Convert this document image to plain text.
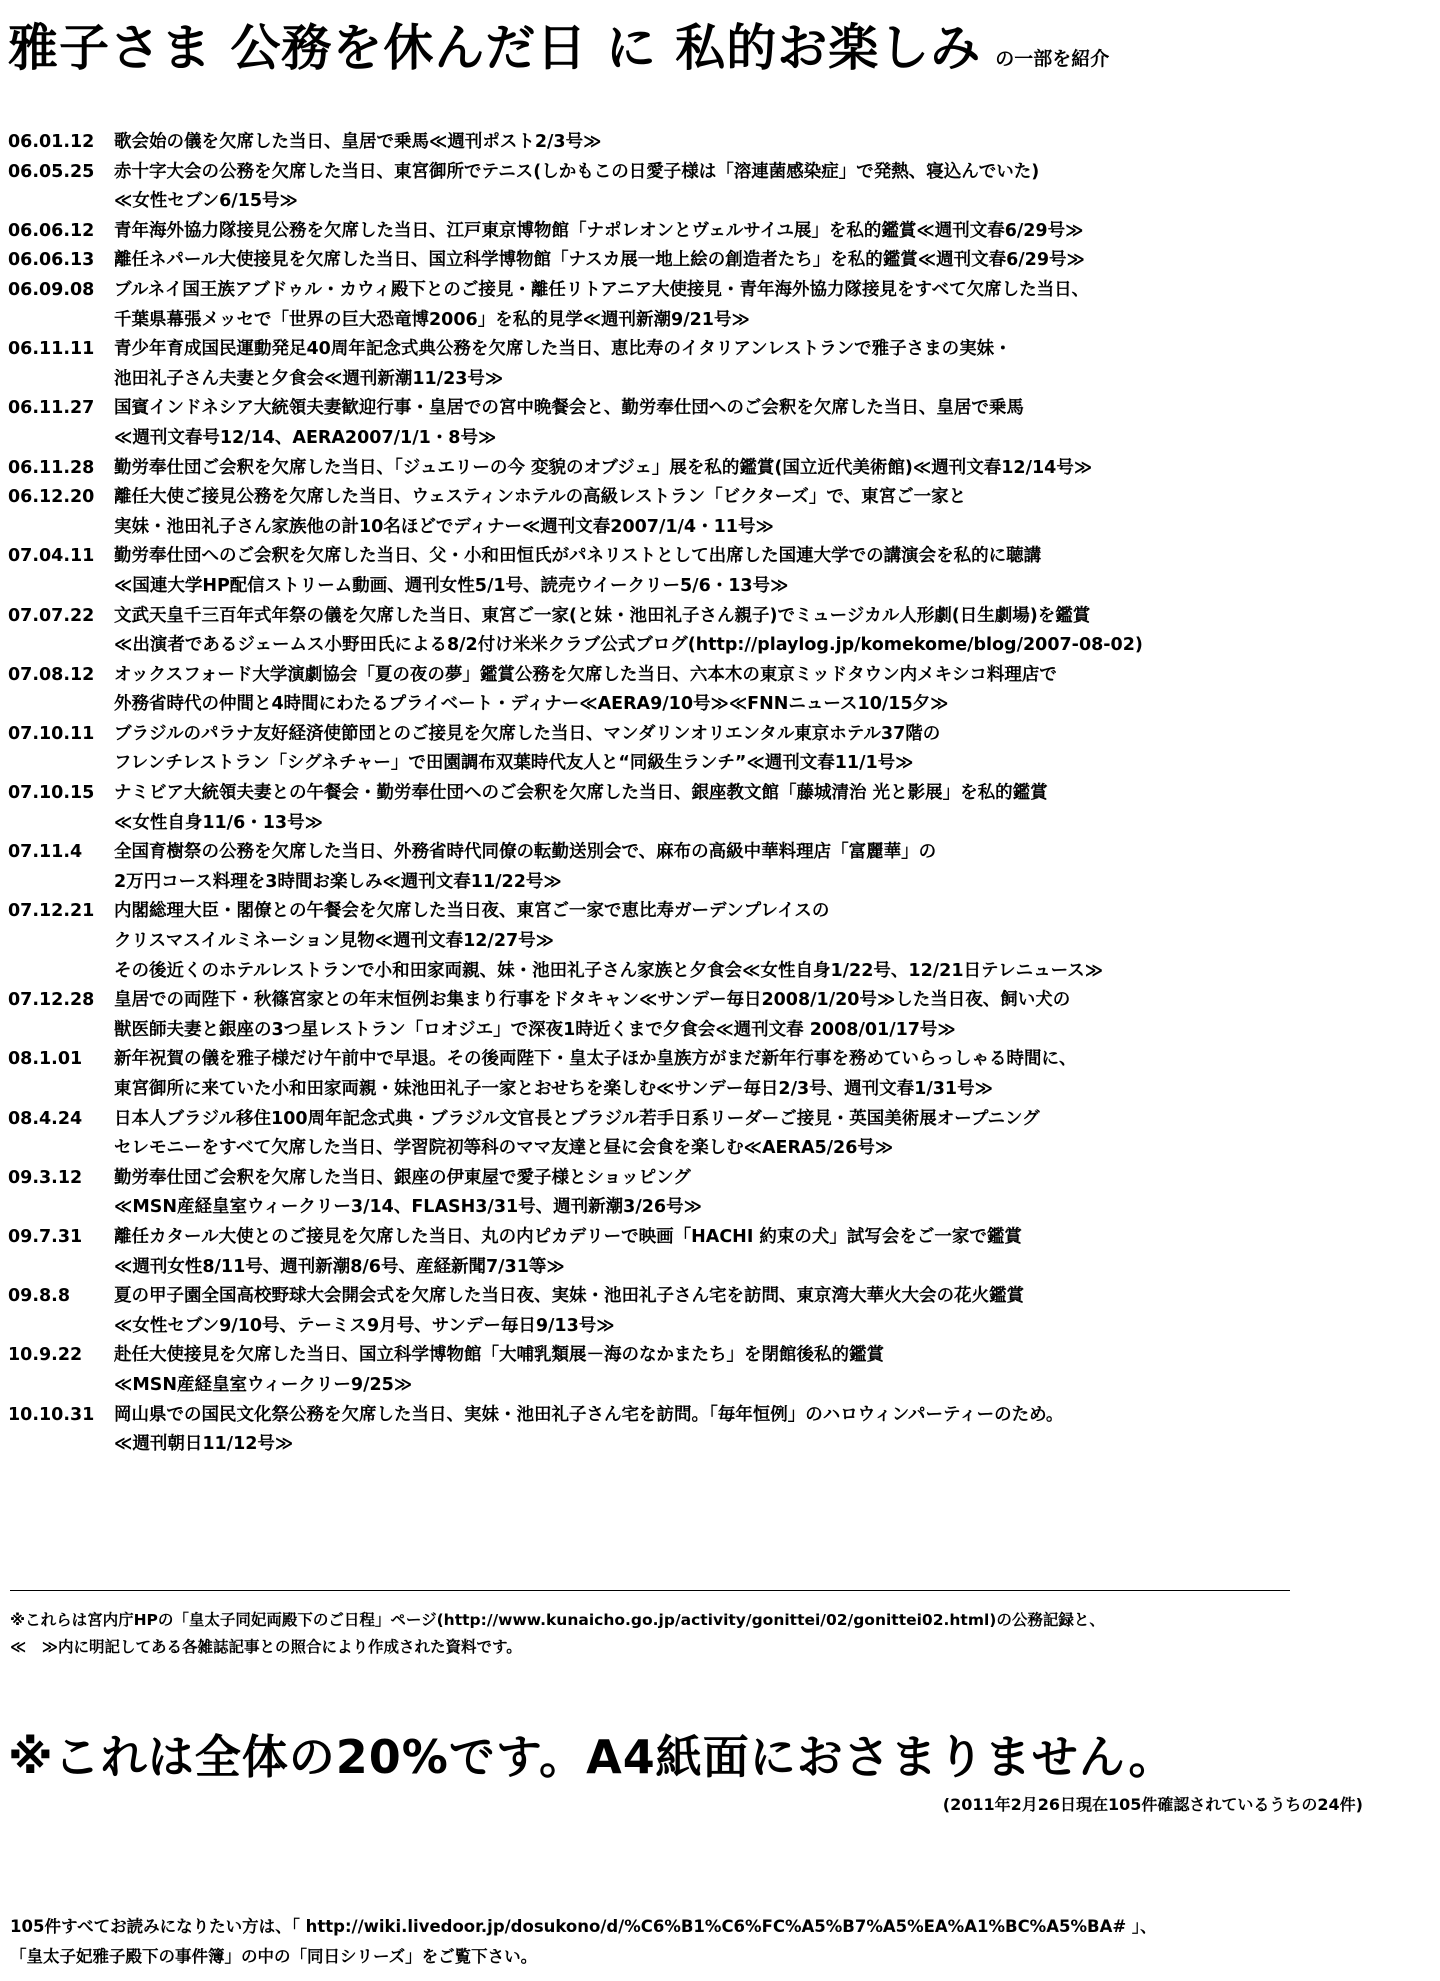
雅子さま 公務を休んだ日 に 私的お楽しみ の一部を紹介
06.01.12	歌会始の儀を欠席した当日、皇居で乗馬≪週刊ポスト2/3号≫
06.05.25	赤十字大会の公務を欠席した当日、東宮御所でテニス(しかもこの日愛子様は「溶連菌感染症」で発熱、寝込んでいた)
≪女性セブン6/15号≫
06.06.12	青年海外協力隊接見公務を欠席した当日、江戸東京博物館「ナポレオンとヴェルサイユ展」を私的鑑賞≪週刊文春6/29号≫
06.06.13	離任ネパール大使接見を欠席した当日、国立科学博物館「ナスカ展一地上絵の創造者たち」を私的鑑賞≪週刊文春6/29号≫
06.09.08	ブルネイ国王族アブドゥル・カウィ殿下とのご接見・離任リトアニア大使接見・青年海外協力隊接見をすべて欠席した当日、
千葉県幕張メッセで「世界の巨大恐竜博2006」を私的見学≪週刊新潮9/21号≫
06.11.11	青少年育成国民運動発足40周年記念式典公務を欠席した当日、恵比寿のイタリアンレストランで雅子さまの実妹・
池田礼子さん夫妻と夕食会≪週刊新潮11/23号≫
06.11.27	国賓インドネシア大統領夫妻歓迎行事・皇居での宮中晩餐会と、勤労奉仕団へのご会釈を欠席した当日、皇居で乗馬
≪週刊文春号12/14、AERA2007/1/1・8号≫
06.11.28	勤労奉仕団ご会釈を欠席した当日、「ジュエリーの今 変貌のオブジェ」展を私的鑑賞(国立近代美術館)≪週刊文春12/14号≫
06.12.20	離任大使ご接見公務を欠席した当日、ウェスティンホテルの高級レストラン「ビクターズ」で、東宮ご一家と
実妹・池田礼子さん家族他の計10名ほどでディナー≪週刊文春2007/1/4・11号≫
07.04.11	勤労奉仕団へのご会釈を欠席した当日、父・小和田恒氏がパネリストとして出席した国連大学での講演会を私的に聴講
≪国連大学HP配信ストリーム動画、週刊女性5/1号、読売ウイークリー5/6・13号≫
07.07.22	文武天皇千三百年式年祭の儀を欠席した当日、東宮ご一家(と妹・池田礼子さん親子)でミュージカル人形劇(日生劇場)を鑑賞
≪出演者であるジェームス小野田氏による8/2付け米米クラブ公式ブログ(http://playlog.jp/komekome/blog/2007-08-02)
07.08.12	オックスフォード大学演劇協会「夏の夜の夢」鑑賞公務を欠席した当日、六本木の東京ミッドタウン内メキシコ料理店で
外務省時代の仲間と4時間にわたるプライベート・ディナー≪AERA9/10号≫≪FNNニュース10/15夕≫
07.10.11	ブラジルのパラナ友好経済使節団とのご接見を欠席した当日、マンダリンオリエンタル東京ホテル37階の
フレンチレストラン「シグネチャー」で田園調布双葉時代友人と“同級生ランチ”≪週刊文春11/1号≫
07.10.15	ナミビア大統領夫妻との午餐会・勤労奉仕団へのご会釈を欠席した当日、銀座教文館「藤城清治 光と影展」を私的鑑賞
≪女性自身11/6・13号≫
07.11.4	全国育樹祭の公務を欠席した当日、外務省時代同僚の転勤送別会で、麻布の高級中華料理店「富麗華」の
2万円コース料理を3時間お楽しみ≪週刊文春11/22号≫
07.12.21	内閣総理大臣・閣僚との午餐会を欠席した当日夜、東宮ご一家で恵比寿ガーデンプレイスの
クリスマスイルミネーション見物≪週刊文春12/27号≫
その後近くのホテルレストランで小和田家両親、妹・池田礼子さん家族と夕食会≪女性自身1/22号、12/21日テレニュース≫
07.12.28	皇居での両陛下・秋篠宮家との年末恒例お集まり行事をドタキャン≪サンデー毎日2008/1/20号≫した当日夜、飼い犬の
獣医師夫妻と銀座の3つ星レストラン「ロオジエ」で深夜1時近くまで夕食会≪週刊文春 2008/01/17号≫
08.1.01	新年祝賀の儀を雅子様だけ午前中で早退。その後両陛下・皇太子ほか皇族方がまだ新年行事を務めていらっしゃる時間に、
東宮御所に来ていた小和田家両親・妹池田礼子一家とおせちを楽しむ≪サンデー毎日2/3号、週刊文春1/31号≫
08.4.24	日本人ブラジル移住100周年記念式典・ブラジル文官長とブラジル若手日系リーダーご接見・英国美術展オープニング
セレモニーをすべて欠席した当日、学習院初等科のママ友達と昼に会食を楽しむ≪AERA5/26号≫
09.3.12	勤労奉仕団ご会釈を欠席した当日、銀座の伊東屋で愛子様とショッピング
≪MSN産経皇室ウィークリー3/14、FLASH3/31号、週刊新潮3/26号≫
09.7.31	離任カタール大使とのご接見を欠席した当日、丸の内ピカデリーで映画「HACHI 約束の犬」試写会をご一家で鑑賞
≪週刊女性8/11号、週刊新潮8/6号、産経新聞7/31等≫
09.8.8	夏の甲子園全国高校野球大会開会式を欠席した当日夜、実妹・池田礼子さん宅を訪問、東京湾大華火大会の花火鑑賞
≪女性セブン9/10号、テーミス9月号、サンデー毎日9/13号≫
10.9.22	赴任大使接見を欠席した当日、国立科学博物館「大哺乳類展－海のなかまたち」を閉館後私的鑑賞
≪MSN産経皇室ウィークリー9/25≫
10.10.31	岡山県での国民文化祭公務を欠席した当日、実妹・池田礼子さん宅を訪問。「毎年恒例」のハロウィンパーティーのため。
≪週刊朝日11/12号≫
※これらは宮内庁HPの「皇太子同妃両殿下のご日程」ページ(http://www.kunaicho.go.jp/activity/gonittei/02/gonittei02.html)の公務記録と、
≪　≫内に明記してある各雑誌記事との照合により作成された資料です。
※これは全体の20%です。A4紙面におさまりません。
(2011年2月26日現在105件確認されているうちの24件)
105件すべてお読みになりたい方は、「 http://wiki.livedoor.jp/dosukono/d/%C6%B1%C6%FC%A5%B7%A5%EA%A1%BC%A5%BA# 」、
「皇太子妃雅子殿下の事件簿」の中の「同日シリーズ」をご覧下さい。
